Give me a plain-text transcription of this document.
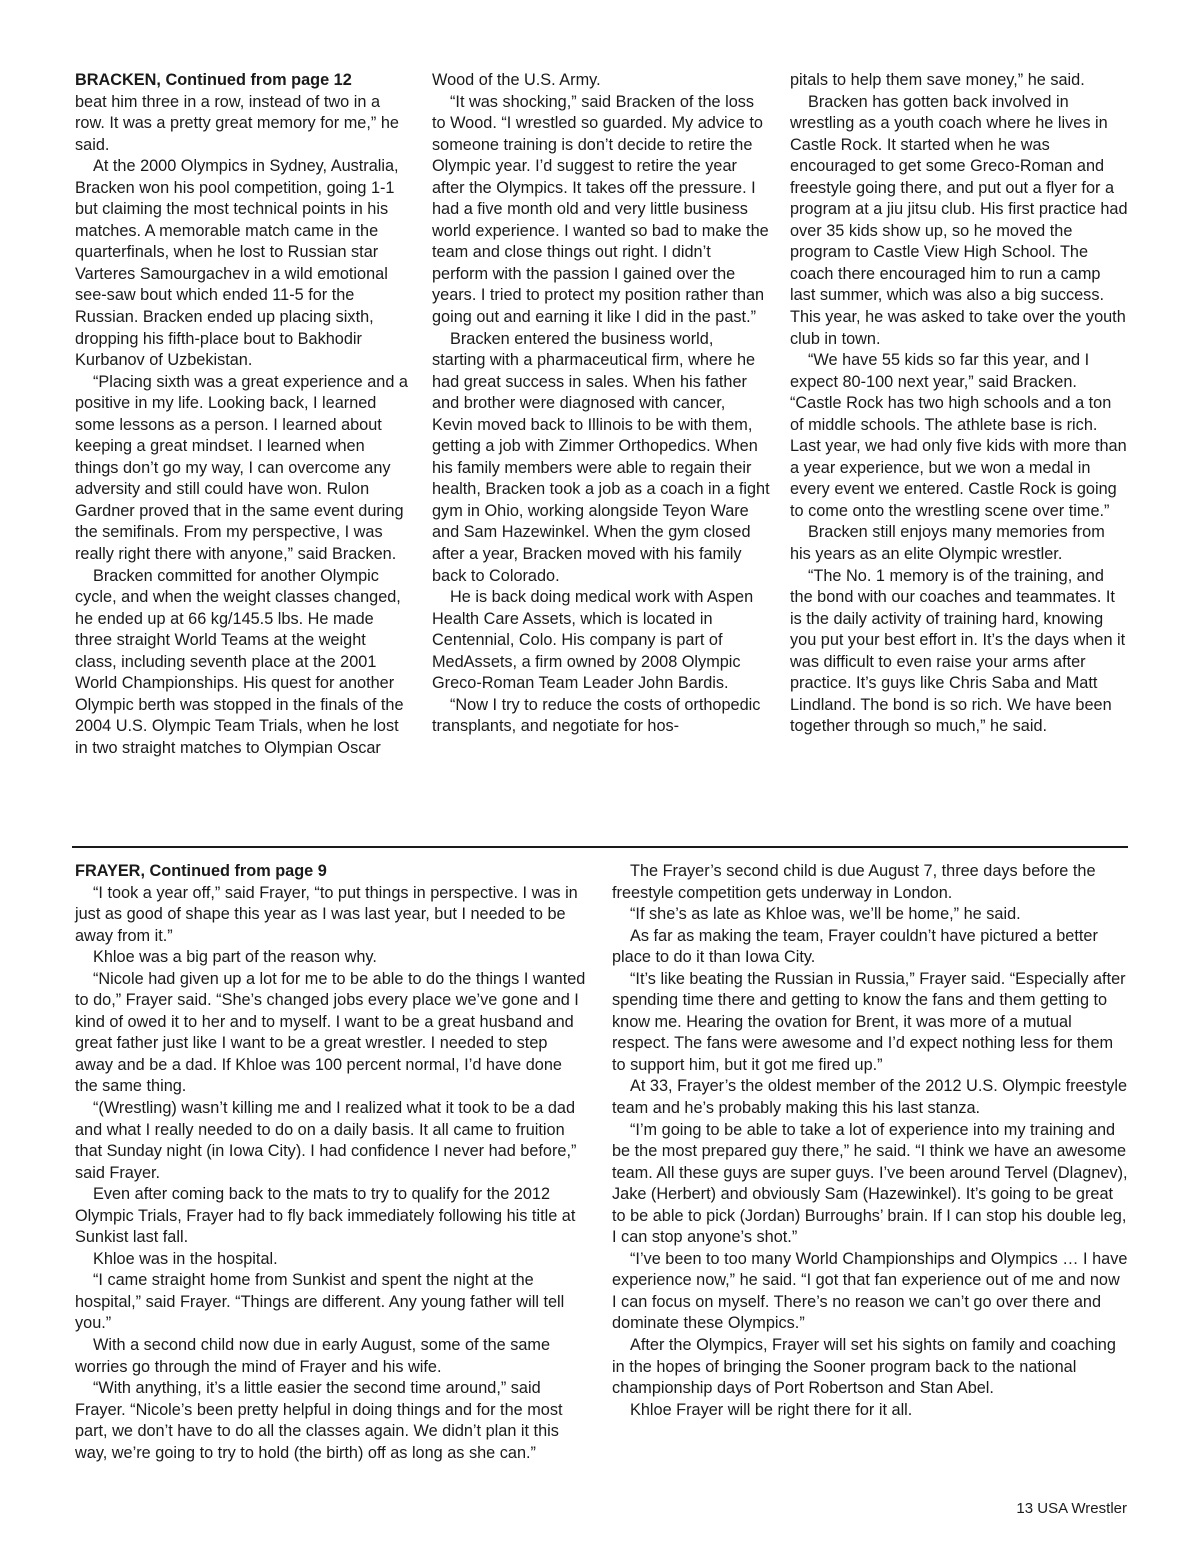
BRACKEN, Continued from page 12

beat him three in a row, instead of two in a row. It was a pretty great memory for me,” he said.

At the 2000 Olympics in Sydney, Australia, Bracken won his pool competition, going 1-1 but claiming the most technical points in his matches. A memorable match came in the quarterfinals, when he lost to Russian star Varteres Samourgachev in a wild emotional see-saw bout which ended 11-5 for the Russian. Bracken ended up placing sixth, dropping his fifth-place bout to Bakhodir Kurbanov of Uzbekistan.

“Placing sixth was a great experience and a positive in my life. Looking back, I learned some lessons as a person. I learned about keeping a great mindset. I learned when things don’t go my way, I can overcome any adversity and still could have won. Rulon Gardner proved that in the same event during the semifinals. From my perspective, I was really right there with anyone,” said Bracken.

Bracken committed for another Olympic cycle, and when the weight classes changed, he ended up at 66 kg/145.5 lbs. He made three straight World Teams at the weight class, including seventh place at the 2001 World Championships. His quest for another Olympic berth was stopped in the finals of the 2004 U.S. Olympic Team Trials, when he lost in two straight matches to Olympian Oscar

Wood of the U.S. Army.

“It was shocking,” said Bracken of the loss to Wood. “I wrestled so guarded. My advice to someone training is don’t decide to retire the Olympic year. I’d suggest to retire the year after the Olympics. It takes off the pressure. I had a five month old and very little business world experience. I wanted so bad to make the team and close things out right. I didn’t perform with the passion I gained over the years. I tried to protect my position rather than going out and earning it like I did in the past.”

Bracken entered the business world, starting with a pharmaceutical firm, where he had great success in sales. When his father and brother were diagnosed with cancer, Kevin moved back to Illinois to be with them, getting a job with Zimmer Orthopedics. When his family members were able to regain their health, Bracken took a job as a coach in a fight gym in Ohio, working alongside Teyon Ware and Sam Hazewinkel. When the gym closed after a year, Bracken moved with his family back to Colorado.

He is back doing medical work with Aspen Health Care Assets, which is located in Centennial, Colo. His company is part of MedAssets, a firm owned by 2008 Olympic Greco-Roman Team Leader John Bardis.

“Now I try to reduce the costs of orthopedic transplants, and negotiate for hos-

pitals to help them save money,” he said.

Bracken has gotten back involved in wrestling as a youth coach where he lives in Castle Rock. It started when he was encouraged to get some Greco-Roman and freestyle going there, and put out a flyer for a program at a jiu jitsu club. His first practice had over 35 kids show up, so he moved the program to Castle View High School. The coach there encouraged him to run a camp last summer, which was also a big success. This year, he was asked to take over the youth club in town.

“We have 55 kids so far this year, and I expect 80-100 next year,” said Bracken. “Castle Rock has two high schools and a ton of middle schools. The athlete base is rich. Last year, we had only five kids with more than a year experience, but we won a medal in every event we entered. Castle Rock is going to come onto the wrestling scene over time.”

Bracken still enjoys many memories from his years as an elite Olympic wrestler.

“The No. 1 memory is of the training, and the bond with our coaches and teammates. It is the daily activity of training hard, knowing you put your best effort in. It’s the days when it was difficult to even raise your arms after practice. It’s guys like Chris Saba and Matt Lindland. The bond is so rich. We have been together through so much,” he said.

FRAYER, Continued from page 9

“I took a year off,” said Frayer, “to put things in perspective. I was in just as good of shape this year as I was last year, but I needed to be away from it.”

Khloe was a big part of the reason why.

“Nicole had given up a lot for me to be able to do the things I wanted to do,” Frayer said. “She’s changed jobs every place we’ve gone and I kind of owed it to her and to myself. I want to be a great husband and great father just like I want to be a great wrestler. I needed to step away and be a dad. If Khloe was 100 percent normal, I’d have done the same thing.

“(Wrestling) wasn’t killing me and I realized what it took to be a dad and what I really needed to do on a daily basis. It all came to fruition that Sunday night (in Iowa City). I had confidence I never had before,” said Frayer.

Even after coming back to the mats to try to qualify for the 2012 Olympic Trials, Frayer had to fly back immediately following his title at Sunkist last fall.

Khloe was in the hospital.

“I came straight home from Sunkist and spent the night at the hospital,” said Frayer. “Things are different. Any young father will tell you.”

With a second child now due in early August, some of the same worries go through the mind of Frayer and his wife.

“With anything, it’s a little easier the second time around,” said Frayer. “Nicole’s been pretty helpful in doing things and for the most part, we don’t have to do all the classes again. We didn’t plan it this way, we’re going to try to hold (the birth) off as long as she can.”

The Frayer’s second child is due August 7, three days before the freestyle competition gets underway in London.

“If she’s as late as Khloe was, we’ll be home,” he said.

As far as making the team, Frayer couldn’t have pictured a better place to do it than Iowa City.

“It’s like beating the Russian in Russia,” Frayer said. “Especially after spending time there and getting to know the fans and them getting to know me. Hearing the ovation for Brent, it was more of a mutual respect. The fans were awesome and I’d expect nothing less for them to support him, but it got me fired up.”

At 33, Frayer’s the oldest member of the 2012 U.S. Olympic freestyle team and he’s probably making this his last stanza.

“I’m going to be able to take a lot of experience into my training and be the most prepared guy there,” he said. “I think we have an awesome team. All these guys are super guys. I’ve been around Tervel (Dlagnev), Jake (Herbert) and obviously Sam (Hazewinkel). It’s going to be great to be able to pick (Jordan) Burroughs’ brain. If I can stop his double leg, I can stop anyone’s shot.”

“I’ve been to too many World Championships and Olympics … I have experience now,” he said. “I got that fan experience out of me and now I can focus on myself. There’s no reason we can’t go over there and dominate these Olympics.”

After the Olympics, Frayer will set his sights on family and coaching in the hopes of bringing the Sooner program back to the national championship days of Port Robertson and Stan Abel.

Khloe Frayer will be right there for it all.

13 USA Wrestler
